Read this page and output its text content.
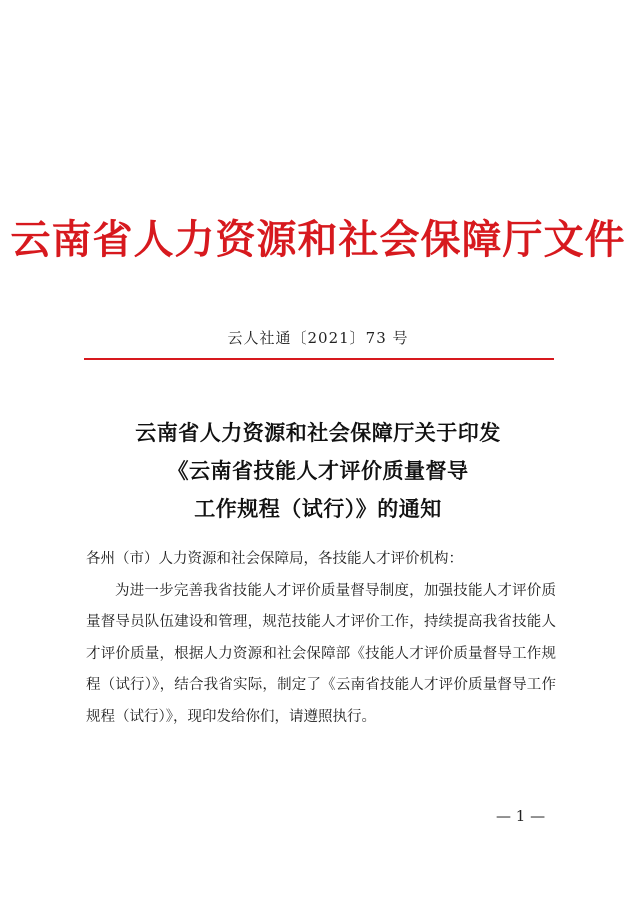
云南省人力资源和社会保障厅文件
云人社通〔2021〕73 号
云南省人力资源和社会保障厅关于印发
《云南省技能人才评价质量督导
工作规程（试行）》的通知
各州（市）人力资源和社会保障局，各技能人才评价机构：
为进一步完善我省技能人才评价质量督导制度，加强技能人才评价质量督导员队伍建设和管理，规范技能人才评价工作，持续提高我省技能人才评价质量，根据人力资源和社会保障部《技能人才评价质量督导工作规程（试行）》，结合我省实际，制定了《云南省技能人才评价质量督导工作规程（试行）》，现印发给你们，请遵照执行。
— 1 —
